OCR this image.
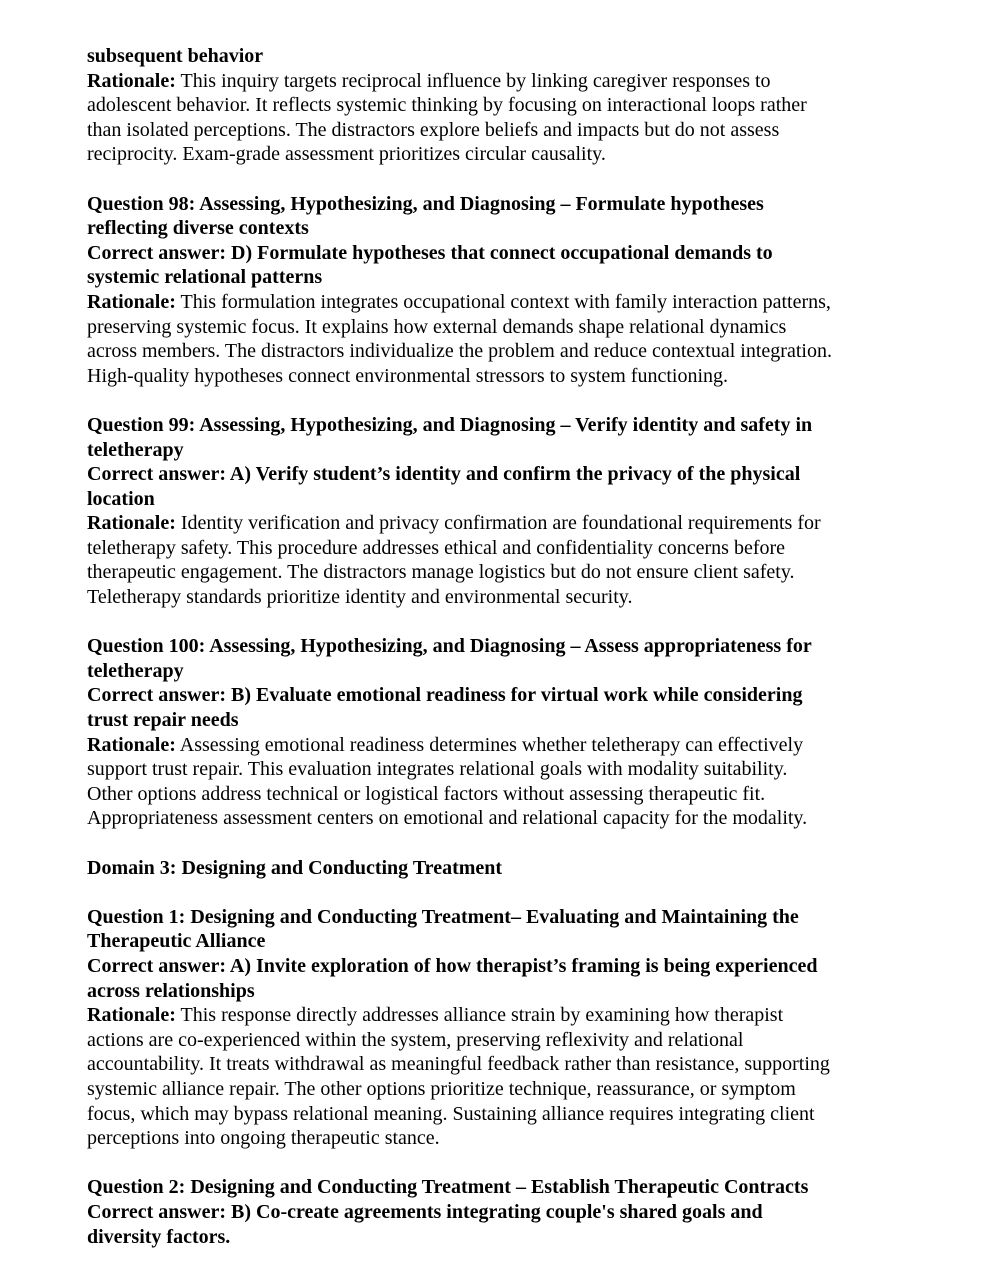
subsequent behavior

Rationale: This inquiry targets reciprocal influence by linking caregiver responses to

adolescent behavior. It reflects systemic thinking by focusing on interactional loops rather

than isolated perceptions. The distractors explore beliefs and impacts but do not assess

reciprocity. Exam-grade assessment prioritizes circular causality.

Question 98: Assessing, Hypothesizing, and Diagnosing – Formulate hypotheses

reflecting diverse contexts

Correct answer: D) Formulate hypotheses that connect occupational demands to

systemic relational patterns

Rationale: This formulation integrates occupational context with family interaction patterns,

preserving systemic focus. It explains how external demands shape relational dynamics

across members. The distractors individualize the problem and reduce contextual integration.

High-quality hypotheses connect environmental stressors to system functioning.

Question 99: Assessing, Hypothesizing, and Diagnosing – Verify identity and safety in

teletherapy

Correct answer: A) Verify student’s identity and confirm the privacy of the physical

location

Rationale: Identity verification and privacy confirmation are foundational requirements for

teletherapy safety. This procedure addresses ethical and confidentiality concerns before

therapeutic engagement. The distractors manage logistics but do not ensure client safety.

Teletherapy standards prioritize identity and environmental security.

Question 100: Assessing, Hypothesizing, and Diagnosing – Assess appropriateness for

teletherapy

Correct answer: B) Evaluate emotional readiness for virtual work while considering

trust repair needs

Rationale: Assessing emotional readiness determines whether teletherapy can effectively

support trust repair. This evaluation integrates relational goals with modality suitability.

Other options address technical or logistical factors without assessing therapeutic fit.

Appropriateness assessment centers on emotional and relational capacity for the modality.

Domain 3: Designing and Conducting Treatment

Question 1: Designing and Conducting Treatment– Evaluating and Maintaining the

Therapeutic Alliance

Correct answer: A) Invite exploration of how therapist’s framing is being experienced

across relationships

Rationale: This response directly addresses alliance strain by examining how therapist

actions are co-experienced within the system, preserving reflexivity and relational

accountability. It treats withdrawal as meaningful feedback rather than resistance, supporting

systemic alliance repair. The other options prioritize technique, reassurance, or symptom

focus, which may bypass relational meaning. Sustaining alliance requires integrating client

perceptions into ongoing therapeutic stance.

Question 2: Designing and Conducting Treatment – Establish Therapeutic Contracts

Correct answer: B) Co-create agreements integrating couple's shared goals and

diversity factors.
